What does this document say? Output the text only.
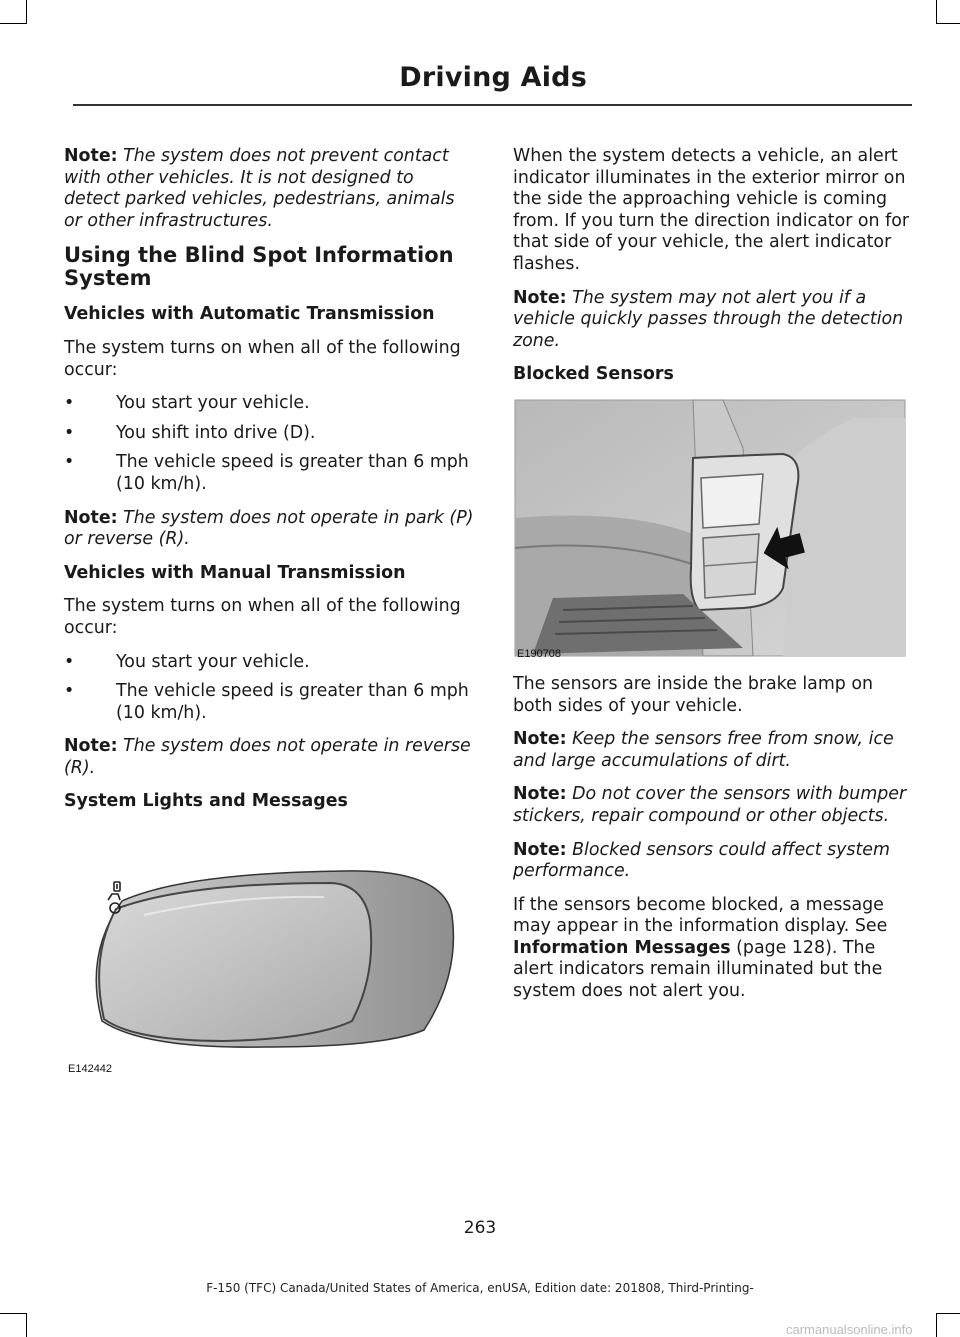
Driving Aids

Note: The system does not prevent contact with other vehicles. It is not designed to detect parked vehicles, pedestrians, animals or other infrastructures.

Using the Blind Spot Information System
Vehicles with Automatic Transmission

The system turns on when all of the following occur:

•	You start your vehicle.
•	You shift into drive (D).
•	The vehicle speed is greater than 6 mph (10 km/h).

Note: The system does not operate in park (P) or reverse (R).

Vehicles with Manual Transmission

The system turns on when all of the following occur:

•	You start your vehicle.
•	The vehicle speed is greater than 6 mph (10 km/h).

Note: The system does not operate in reverse (R).

System Lights and Messages
E142442

When the system detects a vehicle, an alert indicator illuminates in the exterior mirror on the side the approaching vehicle is coming from. If you turn the direction indicator on for that side of your vehicle, the alert indicator flashes.

Note: The system may not alert you if a vehicle quickly passes through the detection zone.

Blocked Sensors
E190708

The sensors are inside the brake lamp on both sides of your vehicle.

Note: Keep the sensors free from snow, ice and large accumulations of dirt.

Note: Do not cover the sensors with bumper stickers, repair compound or other objects.

Note: Blocked sensors could affect system performance.

If the sensors become blocked, a message may appear in the information display. See Information Messages (page 128). The alert indicators remain illuminated but the system does not alert you.

263
F-150 (TFC) Canada/United States of America, enUSA, Edition date: 201808, Third-Printing-
carmanualsonline.info
